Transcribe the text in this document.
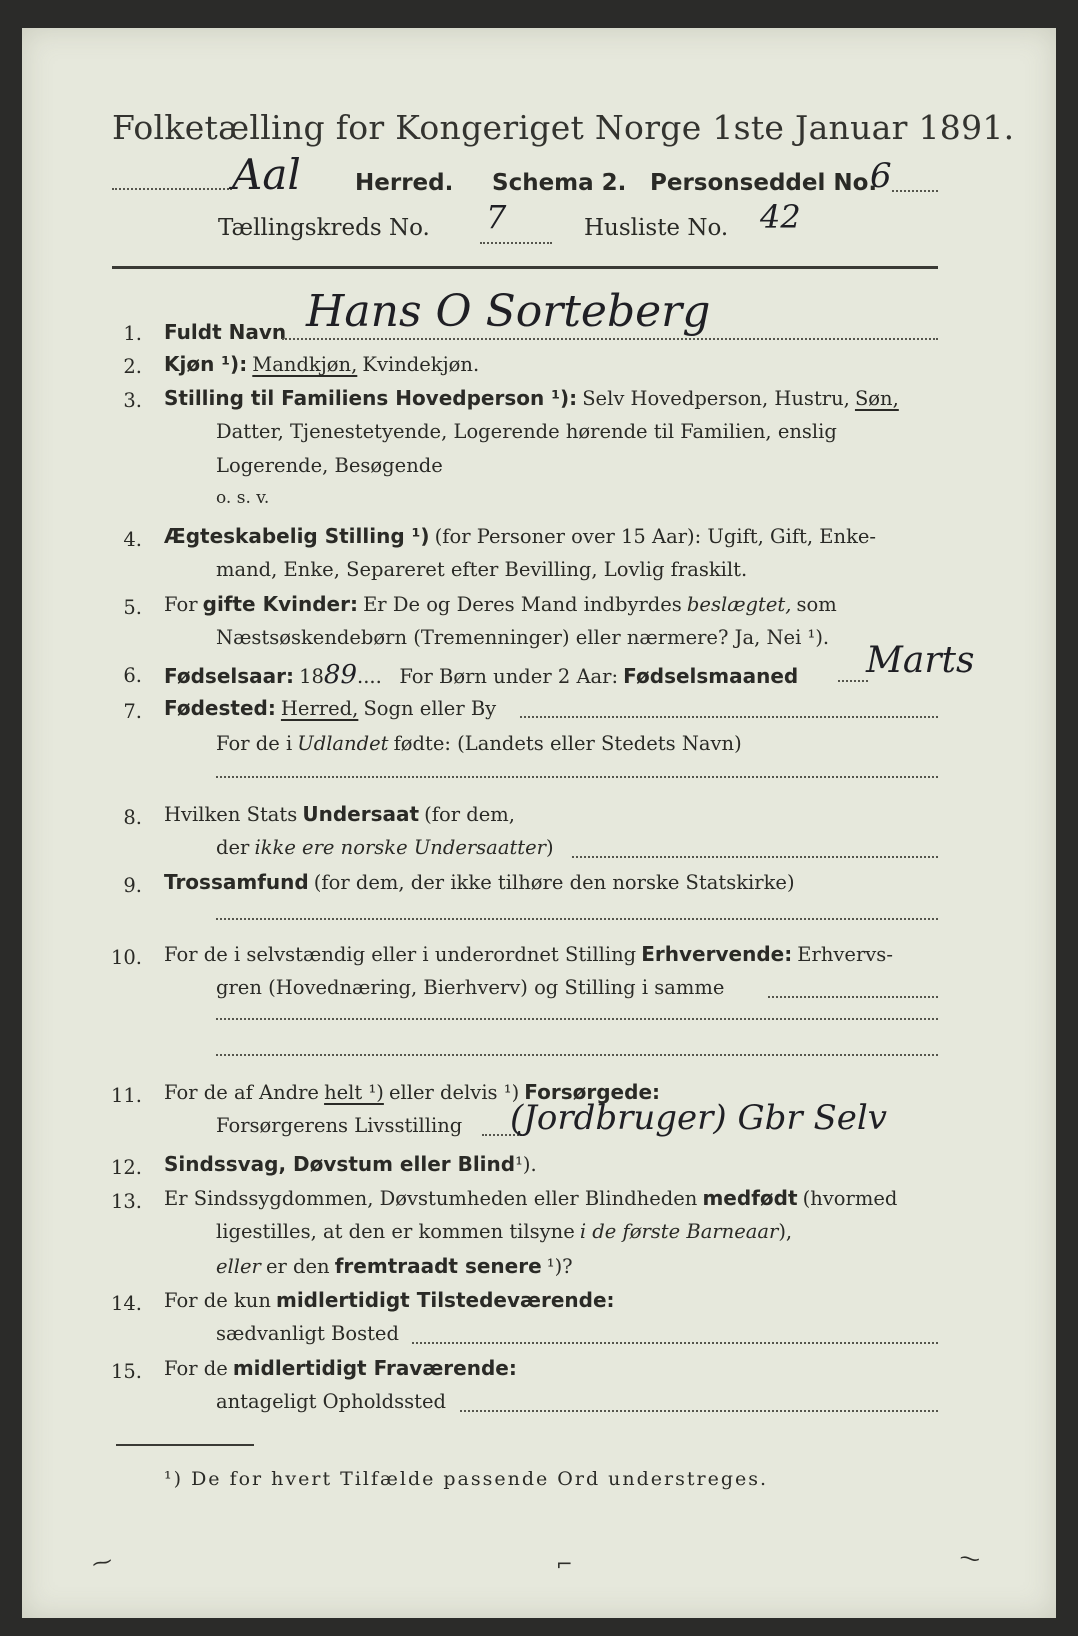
Folketælling for Kongeriget Norge 1ste Januar 1891.
Aal Herred. Schema 2. Personseddel No.
6
Tællingskreds No. 7	Husliste No. 42
1. Fuldt Navn Hans O Sorteberg
2. Kjøn ¹): Mandkjøn, Kvindekjøn.
3. Stilling til Familiens Hovedperson ¹): Selv Hovedperson, Hustru, Søn,
Datter, Tjenestetyende, Logerende hørende til Familien, enslig
Logerende, Besøgende
o. s. v.
4. Ægteskabelig Stilling ¹) (for Personer over 15 Aar): Ugift, Gift, Enke-
mand, Enke, Separeret efter Bevilling, Lovlig fraskilt.
5. For gifte Kvinder: Er De og Deres Mand indbyrdes beslægtet, som
Næstsøskendebørn (Tremenninger) eller nærmere? Ja, Nei ¹).
6. Fødselsaar: 1889....   For Børn under 2 Aar: Fødselsmaaned Marts
7. Fødested: Herred, Sogn eller By
For de i Udlandet fødte: (Landets eller Stedets Navn)
8. Hvilken Stats Undersaat (for dem,
der ikke ere norske Undersaatter)
9. Trossamfund (for dem, der ikke tilhøre den norske Statskirke)
10. For de i selvstændig eller i underordnet Stilling Erhvervende: Erhvervs-
gren (Hovednæring, Bierhverv) og Stilling i samme
11. For de af Andre helt ¹) eller delvis ¹) Forsørgede:
Forsørgerens Livsstilling (Jordbruger) Gbr Selv
12. Sindssvag, Døvstum eller Blind¹).
13. Er Sindssygdommen, Døvstumheden eller Blindheden medfødt (hvormed
ligestilles, at den er kommen tilsyne i de første Barneaar),
eller er den fremtraadt senere ¹)?
14. For de kun midlertidigt Tilstedeværende:
sædvanligt Bosted
15. For de midlertidigt Fraværende:
antageligt Opholdssted
¹) De for hvert Tilfælde passende Ord understreges.
⁓	⌐	⁓
